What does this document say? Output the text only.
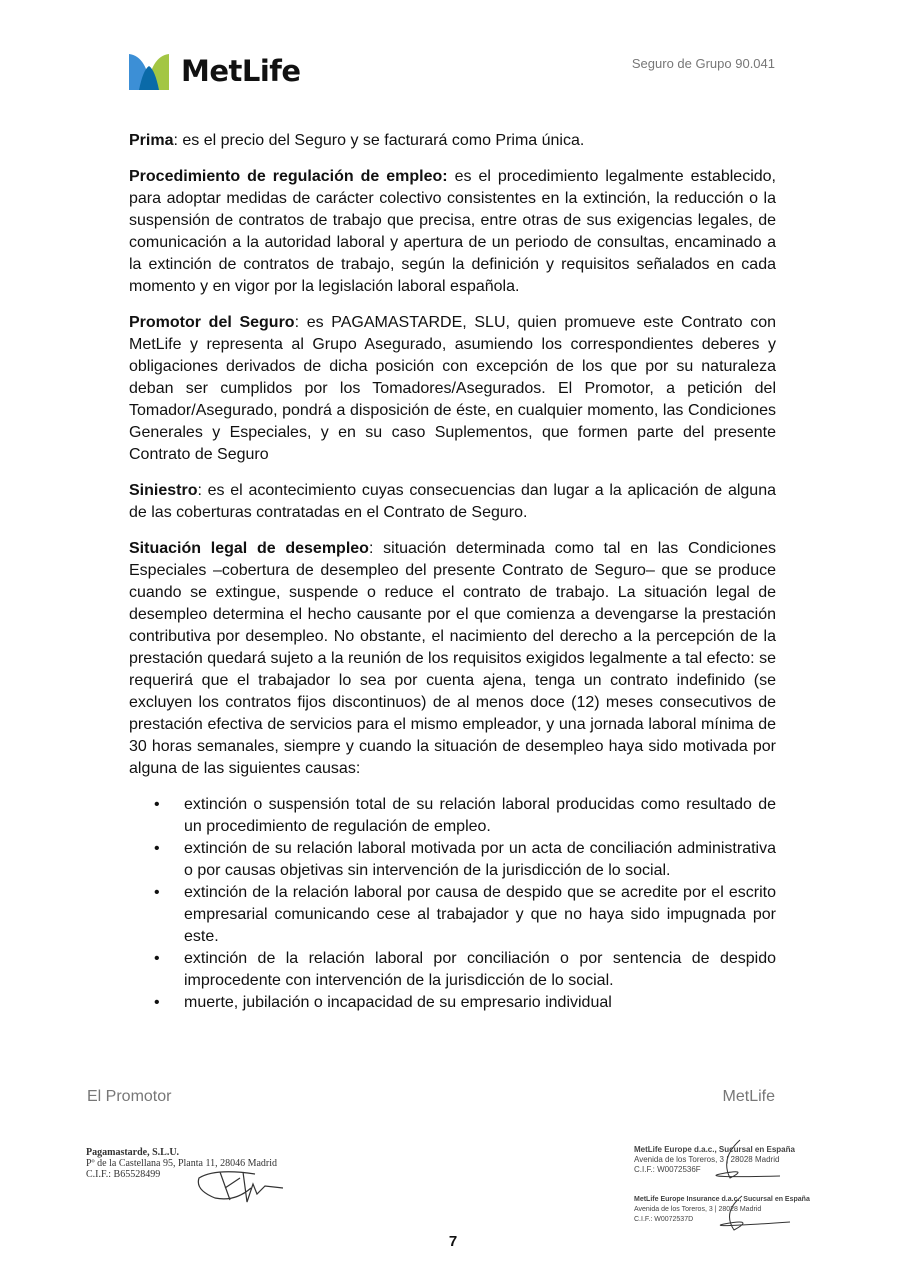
MetLife	Seguro de Grupo 90.041

Prima: es el precio del Seguro y se facturará como Prima única.

Procedimiento de regulación de empleo: es el procedimiento legalmente establecido, para adoptar medidas de carácter colectivo consistentes en la extinción, la reducción o la suspensión de contratos de trabajo que precisa, entre otras de sus exigencias legales, de comunicación a la autoridad laboral y apertura de un periodo de consultas, encaminado a la extinción de contratos de trabajo, según la definición y requisitos señalados en cada momento y en vigor por la legislación laboral española.

Promotor del Seguro: es PAGAMASTARDE, SLU, quien promueve este Contrato con MetLife y representa al Grupo Asegurado, asumiendo los correspondientes deberes y obligaciones derivados de dicha posición con excepción de los que por su naturaleza deban ser cumplidos por los Tomadores/Asegurados. El Promotor, a petición del Tomador/Asegurado, pondrá a disposición de éste, en cualquier momento, las Condiciones Generales y Especiales, y en su caso Suplementos, que formen parte del presente Contrato de Seguro

Siniestro: es el acontecimiento cuyas consecuencias dan lugar a la aplicación de alguna de las coberturas contratadas en el Contrato de Seguro.

Situación legal de desempleo: situación determinada como tal en las Condiciones Especiales –cobertura de desempleo del presente Contrato de Seguro– que se produce cuando se extingue, suspende o reduce el contrato de trabajo. La situación legal de desempleo determina el hecho causante por el que comienza a devengarse la prestación contributiva por desempleo. No obstante, el nacimiento del derecho a la percepción de la prestación quedará sujeto a la reunión de los requisitos exigidos legalmente a tal efecto: se requerirá que el trabajador lo sea por cuenta ajena, tenga un contrato indefinido (se excluyen los contratos fijos discontinuos) de al menos doce (12) meses consecutivos de prestación efectiva de servicios para el mismo empleador, y una jornada laboral mínima de 30 horas semanales, siempre y cuando la situación de desempleo haya sido motivada por alguna de las siguientes causas:

• extinción o suspensión total de su relación laboral producidas como resultado de un procedimiento de regulación de empleo.
• extinción de su relación laboral motivada por un acta de conciliación administrativa o por causas objetivas sin intervención de la jurisdicción de lo social.
• extinción de la relación laboral por causa de despido que se acredite por el escrito empresarial comunicando cese al trabajador y que no haya sido impugnada por este.
• extinción de la relación laboral por conciliación o por sentencia de despido improcedente con intervención de la jurisdicción de lo social.
• muerte, jubilación o incapacidad de su empresario individual
El Promotor	MetLife
Pagamastarde, S.L.U.
Pº de la Castellana 95, Planta 11, 28046 Madrid
C.I.F.: B65528499
MetLife Europe d.a.c., Sucursal en España
Avenida de los Toreros, 3 | 28028 Madrid
C.I.F.: W0072536F
MetLife Europe Insurance d.a.c., Sucursal en España
Avenida de los Toreros, 3 | 28028 Madrid
C.I.F.: W0072537D
7
